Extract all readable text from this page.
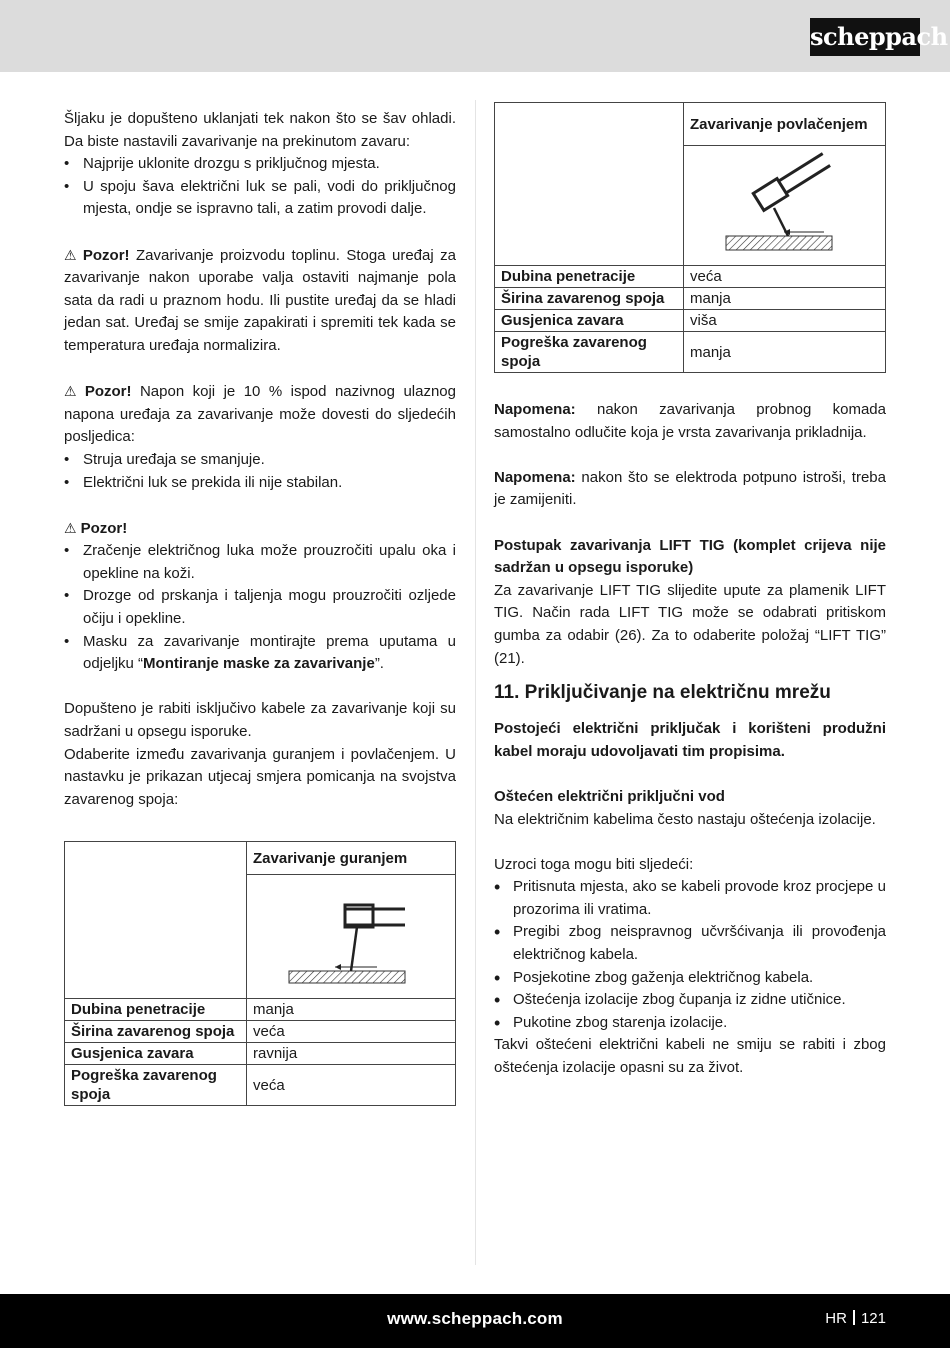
scheppach

Šljaku je dopušteno uklanjati tek nakon što se šav ohladi. Da biste nastavili zavarivanje na prekinutom zavaru:

• Najprije uklonite drozgu s priključnog mjesta.
• U spoju šava električni luk se pali, vodi do priključnog mjesta, ondje se ispravno tali, a zatim provodi dalje.

⚠ Pozor! Zavarivanje proizvodu toplinu. Stoga uređaj za zavarivanje nakon uporabe valja ostaviti najmanje pola sata da radi u praznom hodu. Ili pustite uređaj da se hladi jedan sat. Uređaj se smije zapakirati i spremiti tek kada se temperatura uređaja normalizira.

⚠ Pozor! Napon koji je 10 % ispod nazivnog ulaznog napona uređaja za zavarivanje može dovesti do sljedećih posljedica:

• Struja uređaja se smanjuje.
• Električni luk se prekida ili nije stabilan.

⚠ Pozor!

• Zračenje električnog luka može prouzročiti upalu oka i opekline na koži.
• Drozge od prskanja i taljenja mogu prouzročiti ozljede očiju i opekline.
• Masku za zavarivanje montirajte prema uputama u odjeljku “Montiranje maske za zavarivanje”.

Dopušteno je rabiti isključivo kabele za zavarivanje koji su sadržani u opsegu isporuke.

Odaberite između zavarivanja guranjem i povlačenjem. U nastavku je prikazan utjecaj smjera pomicanja na svojstva zavarenog spoja:

	Zavarivanje guranjem

Dubina penetracije	manja
Širina zavarenog spoja	veća
Gusjenica zavara	ravnija
Pogreška zavarenog spoja	veća
	Zavarivanje povlačenjem

Dubina penetracije	veća
Širina zavarenog spoja	manja
Gusjenica zavara	viša
Pogreška zavarenog spoja	manja

Napomena: nakon zavarivanja probnog komada samostalno odlučite koja je vrsta zavarivanja prikladnija.

Napomena: nakon što se elektroda potpuno istroši, treba je zamijeniti.

Postupak zavarivanja LIFT TIG (komplet crijeva nije sadržan u opsegu isporuke)

Za zavarivanje LIFT TIG slijedite upute za plamenik LIFT TIG. Način rada LIFT TIG može se odabrati pritiskom gumba za odabir (26). Za to odaberite položaj “LIFT TIG” (21).

11. Priključivanje na električnu mrežu

Postojeći električni priključak i korišteni produžni kabel moraju udovoljavati tim propisima.

Oštećen električni priključni vod

Na električnim kabelima često nastaju oštećenja izolacije.

Uzroci toga mogu biti sljedeći:

• Pritisnuta mjesta, ako se kabeli provode kroz procjepe u prozorima ili vratima.
• Pregibi zbog neispravnog učvršćivanja ili provođenja električnog kabela.
• Posjekotine zbog gaženja električnog kabela.
• Oštećenja izolacije zbog čupanja iz zidne utičnice.
• Pukotine zbog starenja izolacije.

Takvi oštećeni električni kabeli ne smiju se rabiti i zbog oštećenja izolacije opasni su za život.

www.scheppach.com	HR 121
